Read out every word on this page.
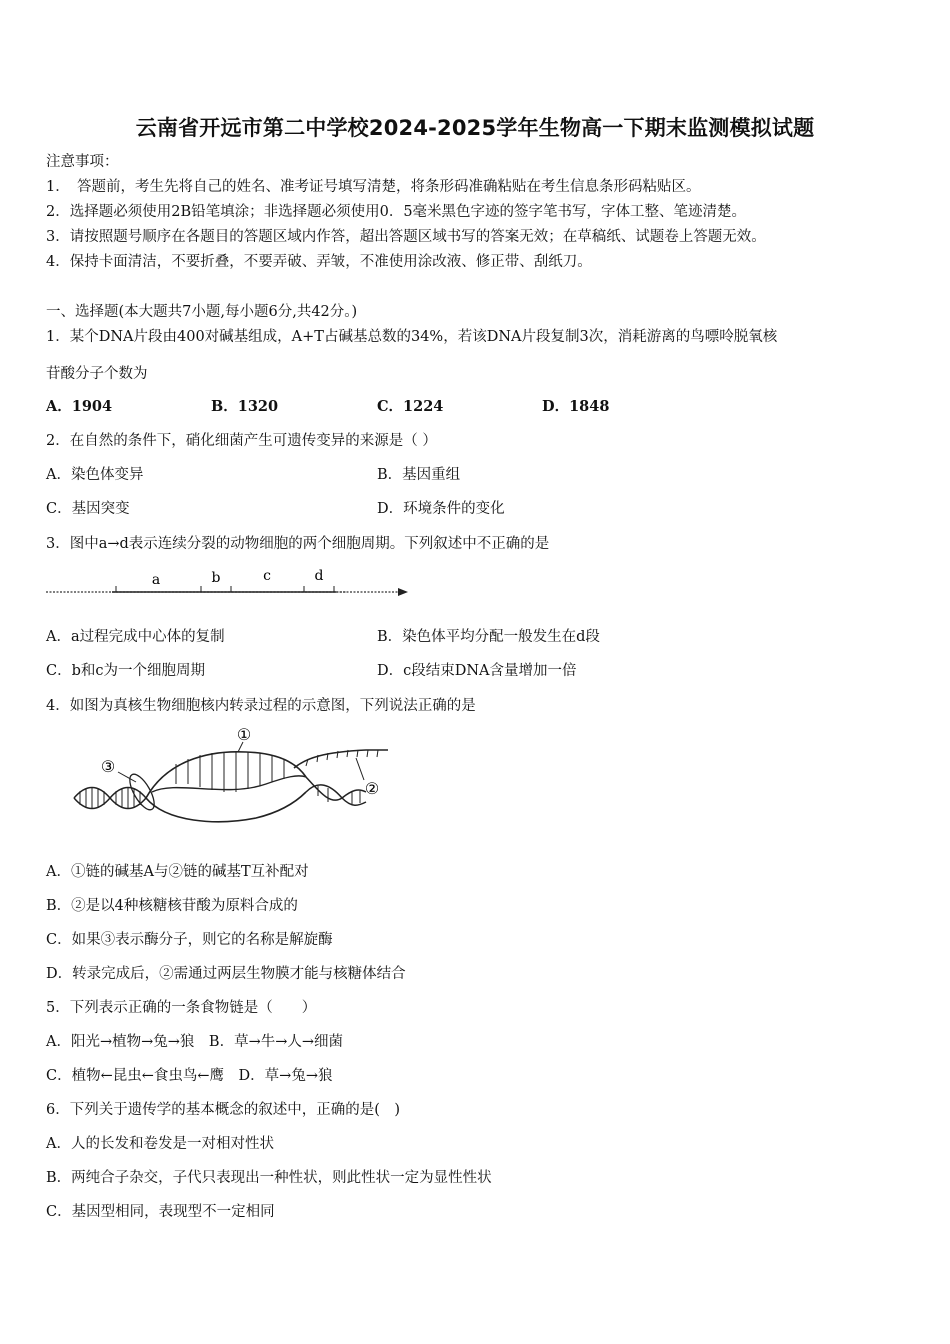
云南省开远市第二中学校2024-2025学年生物高一下期末监测模拟试题
注意事项：
1．　答题前，考生先将自己的姓名、准考证号填写清楚，将条形码准确粘贴在考生信息条形码粘贴区。
2．选择题必须使用2B铅笔填涂；非选择题必须使用0．5毫米黑色字迹的签字笔书写，字体工整、笔迹清楚。
3．请按照题号顺序在各题目的答题区域内作答，超出答题区域书写的答案无效；在草稿纸、试题卷上答题无效。
4．保持卡面清洁，不要折叠，不要弄破、弄皱，不准使用涂改液、修正带、刮纸刀。
一、选择题(本大题共7小题,每小题6分,共42分。)
1．某个DNA片段由400对碱基组成，A+T占碱基总数的34%，若该DNA片段复制3次，消耗游离的鸟嘌呤脱氧核
苷酸分子个数为
A．1904	B．1320	C．1224	D．1848
2．在自然的条件下，硝化细菌产生可遗传变异的来源是（ ）
A．染色体变异	B．基因重组
C．基因突变	D．环境条件的变化
3．图中a→d表示连续分裂的动物细胞的两个细胞周期。下列叙述中不正确的是
a	b	c	d
A．a过程完成中心体的复制	B．染色体平均分配一般发生在d段
C．b和c为一个细胞周期	D．c段结束DNA含量增加一倍
4．如图为真核生物细胞核内转录过程的示意图，下列说法正确的是
①
②
③
A．①链的碱基A与②链的碱基T互补配对
B．②是以4种核糖核苷酸为原料合成的
C．如果③表示酶分子，则它的名称是解旋酶
D．转录完成后，②需通过两层生物膜才能与核糖体结合
5．下列表示正确的一条食物链是（　　）
A．阳光→植物→兔→狼　B．草→牛→人→细菌
C．植物←昆虫←食虫鸟←鹰　D．草→兔→狼
6．下列关于遗传学的基本概念的叙述中，正确的是(　)
A．人的长发和卷发是一对相对性状
B．两纯合子杂交，子代只表现出一种性状，则此性状一定为显性性状
C．基因型相同，表现型不一定相同
